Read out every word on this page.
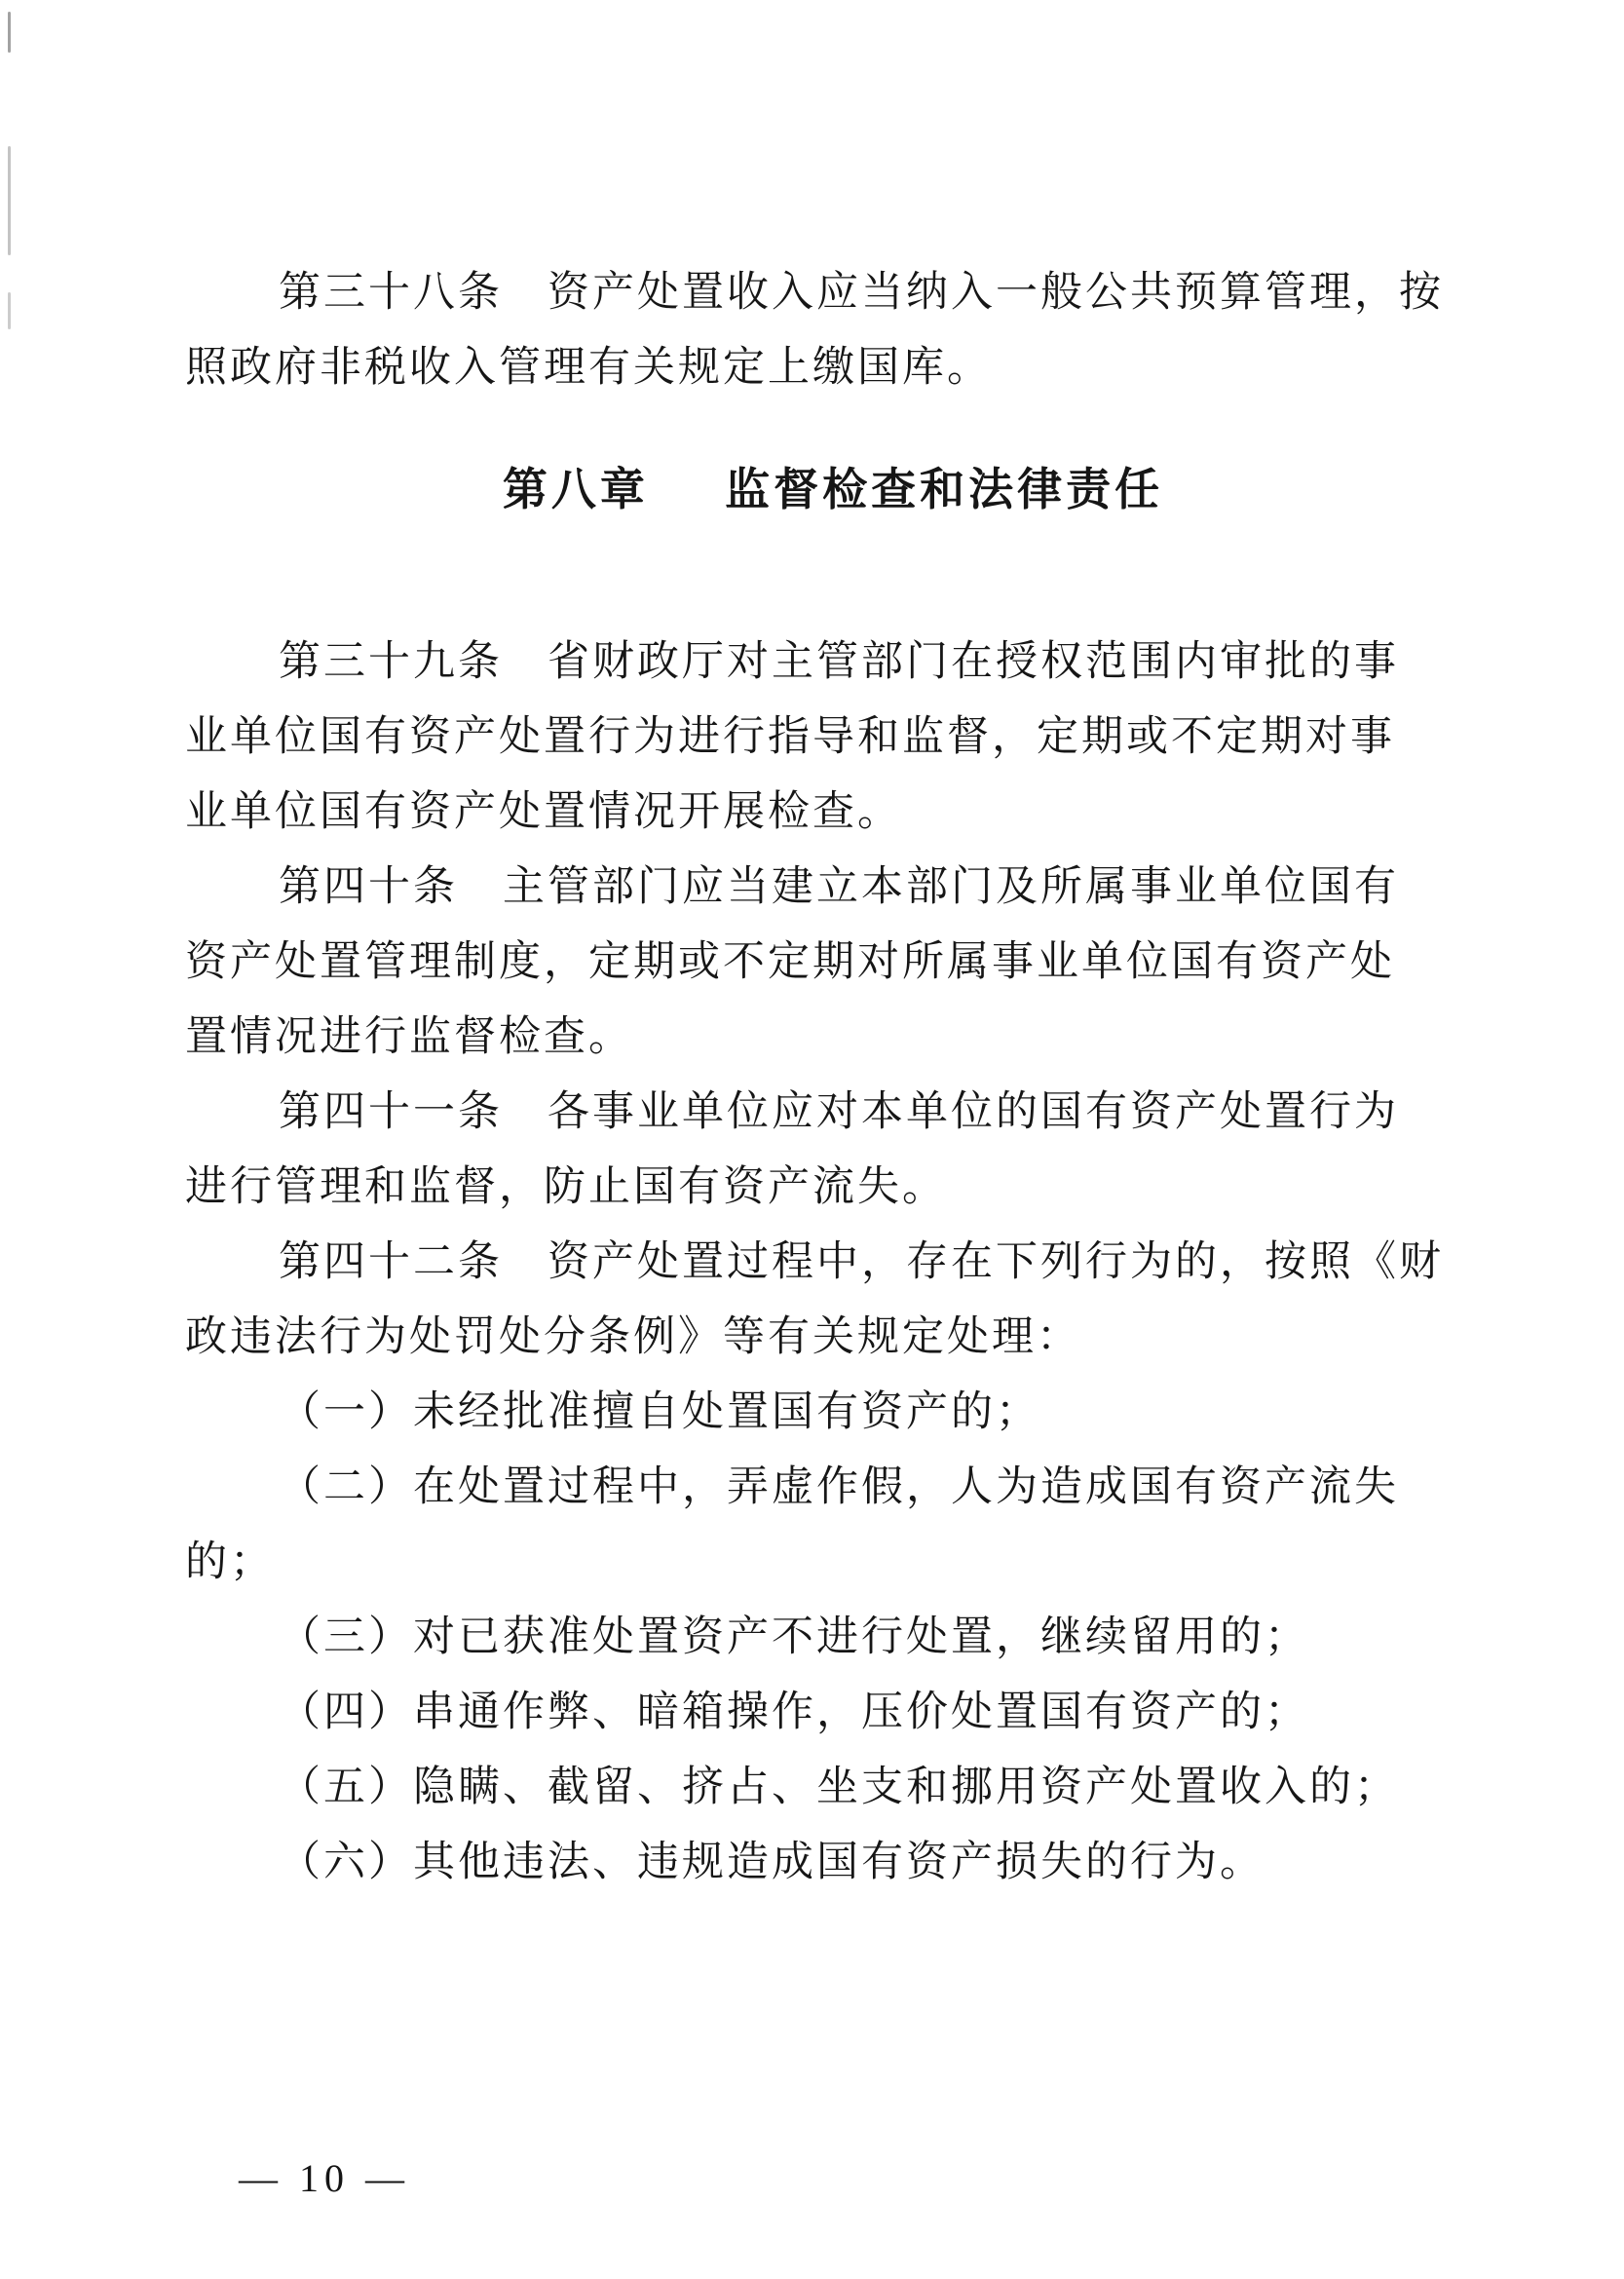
第三十八条　资产处置收入应当纳入一般公共预算管理，按
照政府非税收入管理有关规定上缴国库。
第八章 监督检查和法律责任
第三十九条　省财政厅对主管部门在授权范围内审批的事
业单位国有资产处置行为进行指导和监督，定期或不定期对事
业单位国有资产处置情况开展检查。
第四十条　主管部门应当建立本部门及所属事业单位国有
资产处置管理制度，定期或不定期对所属事业单位国有资产处
置情况进行监督检查。
第四十一条　各事业单位应对本单位的国有资产处置行为
进行管理和监督，防止国有资产流失。
第四十二条　资产处置过程中，存在下列行为的，按照《财
政违法行为处罚处分条例》等有关规定处理：
（一）未经批准擅自处置国有资产的；
（二）在处置过程中，弄虚作假，人为造成国有资产流失
的；
（三）对已获准处置资产不进行处置，继续留用的；
（四）串通作弊、暗箱操作，压价处置国有资产的；
（五）隐瞒、截留、挤占、坐支和挪用资产处置收入的；
（六）其他违法、违规造成国有资产损失的行为。
— 10 —
